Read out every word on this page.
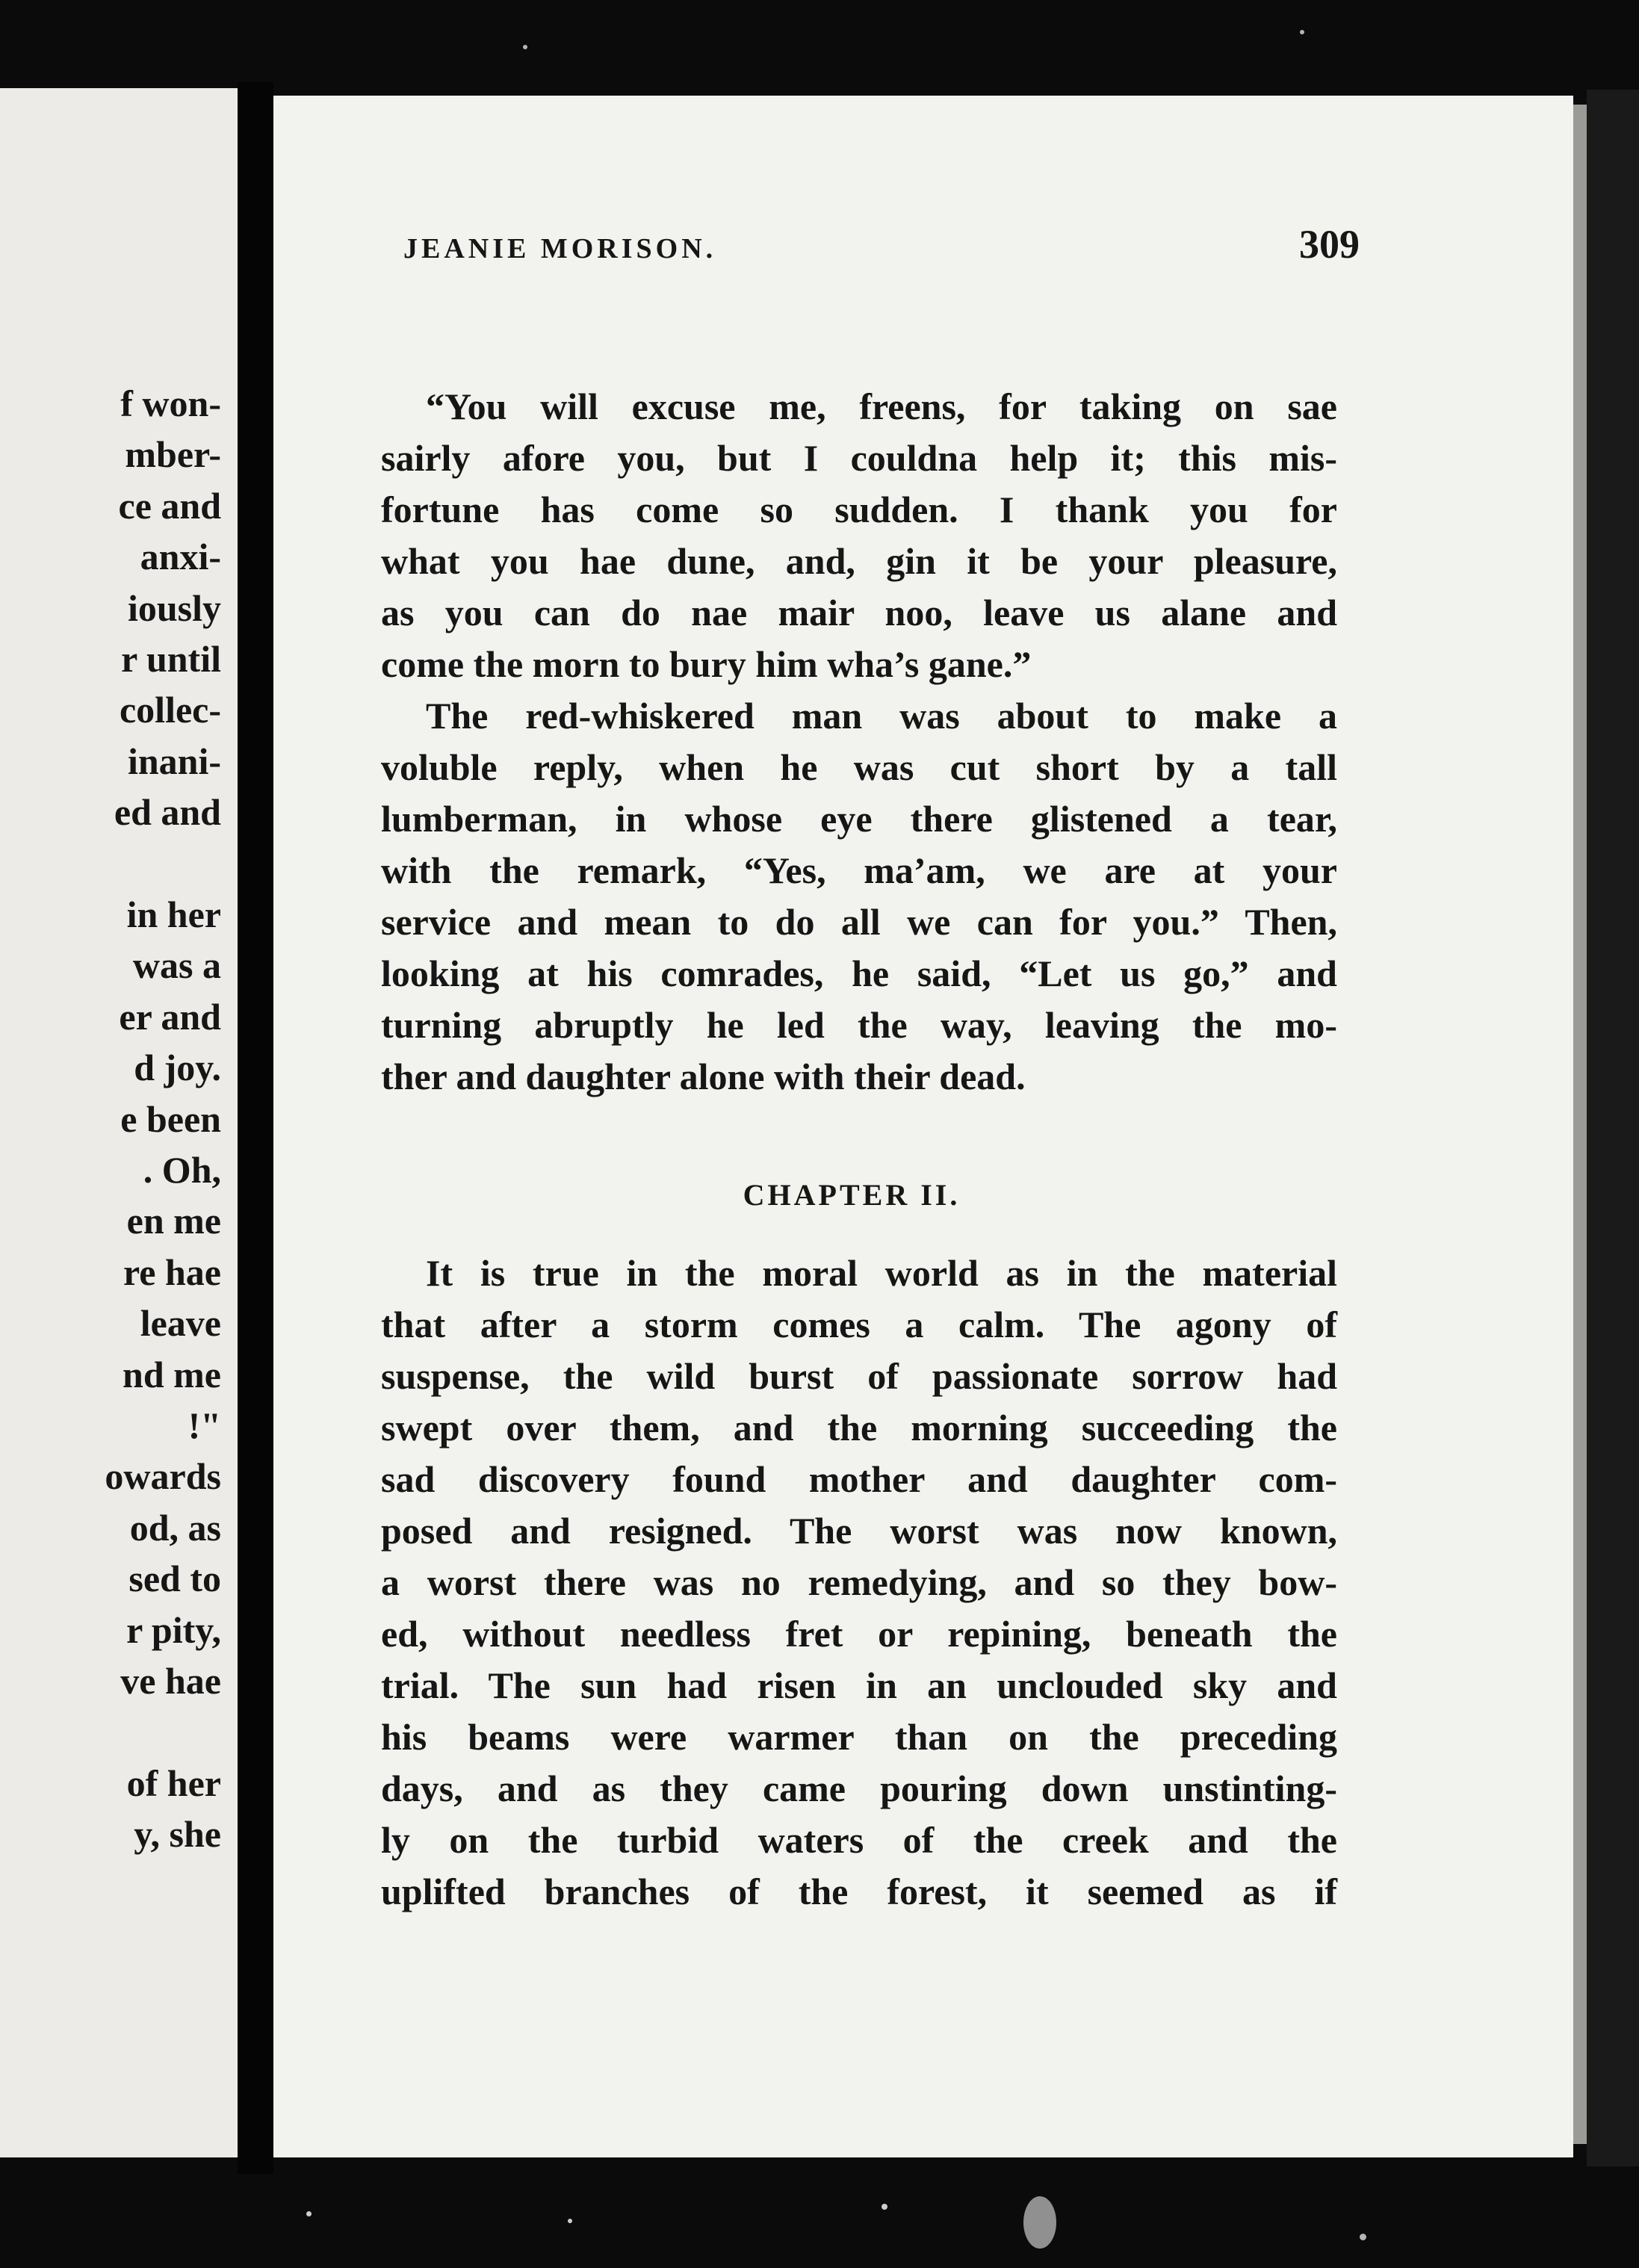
f won-
mber-
ce and
anxi-
iously
r until
collec-
inani-
ed and
in her
was a
er and
d joy.
e been
. Oh,
en me
re hae
leave
nd me
!"
owards
od, as
sed to
r pity,
ve hae
of her
y, she
JEANIE MORISON.	309
“You will excuse me, freens, for taking on sae
sairly afore you, but I couldna help it; this mis-
fortune has come so sudden. I thank you for
what you hae dune, and, gin it be your pleasure,
as you can do nae mair noo, leave us alane and
come the morn to bury him wha’s gane.”
The red-whiskered man was about to make a
voluble reply, when he was cut short by a tall
lumberman, in whose eye there glistened a tear,
with the remark, “Yes, ma’am, we are at your
service and mean to do all we can for you.” Then,
looking at his comrades, he said, “Let us go,” and
turning abruptly he led the way, leaving the mo-
ther and daughter alone with their dead.
CHAPTER II.
It is true in the moral world as in the material
that after a storm comes a calm. The agony of
suspense, the wild burst of passionate sorrow had
swept over them, and the morning succeeding the
sad discovery found mother and daughter com-
posed and resigned. The worst was now known,
a worst there was no remedying, and so they bow-
ed, without needless fret or repining, beneath the
trial. The sun had risen in an unclouded sky and
his beams were warmer than on the preceding
days, and as they came pouring down unstinting-
ly on the turbid waters of the creek and the
uplifted branches of the forest, it seemed as if
